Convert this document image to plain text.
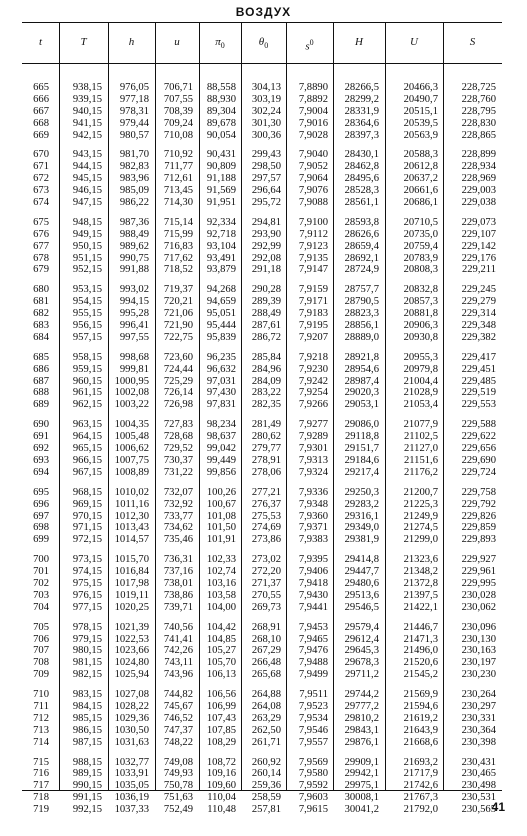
ВОЗДУХ
t	T	h	u	$\pi_0$	$\theta_0$	$s^0$	H	U	S
665	938,15	976,05	706,71	88,558	304,13	7,8890	28266,5	20466,3	228,725
666	939,15	977,18	707,55	88,930	303,19	7,8892	28299,2	20490,7	228,760
667	940,15	978,31	708,39	89,304	302,24	7,9004	28331,9	20515,1	228,795
668	941,15	979,44	709,24	89,678	301,30	7,9016	28364,6	20539,5	228,830
669	942,15	980,57	710,08	90,054	300,36	7,9028	28397,3	20563,9	228,865
670	943,15	981,70	710,92	90,431	299,43	7,9040	28430,1	20588,3	228,899
671	944,15	982,83	711,77	90,809	298,50	7,9052	28462,8	20612,8	228,934
672	945,15	983,96	712,61	91,188	297,57	7,9064	28495,6	20637,2	228,969
673	946,15	985,09	713,45	91,569	296,64	7,9076	28528,3	20661,6	229,003
674	947,15	986,22	714,30	91,951	295,72	7,9088	28561,1	20686,1	229,038
675	948,15	987,36	715,14	92,334	294,81	7,9100	28593,8	20710,5	229,073
676	949,15	988,49	715,99	92,718	293,90	7,9112	28626,6	20735,0	229,107
677	950,15	989,62	716,83	93,104	292,99	7,9123	28659,4	20759,4	229,142
678	951,15	990,75	717,62	93,491	292,08	7,9135	28692,1	20783,9	229,176
679	952,15	991,88	718,52	93,879	291,18	7,9147	28724,9	20808,3	229,211
680	953,15	993,02	719,37	94,268	290,28	7,9159	28757,7	20832,8	229,245
681	954,15	994,15	720,21	94,659	289,39	7,9171	28790,5	20857,3	229,279
682	955,15	995,28	721,06	95,051	288,49	7,9183	28823,3	20881,8	229,314
683	956,15	996,41	721,90	95,444	287,61	7,9195	28856,1	20906,3	229,348
684	957,15	997,55	722,75	95,839	286,72	7,9207	28889,0	20930,8	229,382
685	958,15	998,68	723,60	96,235	285,84	7,9218	28921,8	20955,3	229,417
686	959,15	999,81	724,44	96,632	284,96	7,9230	28954,6	20979,8	229,451
687	960,15	1000,95	725,29	97,031	284,09	7,9242	28987,4	21004,4	229,485
688	961,15	1002,08	726,14	97,430	283,22	7,9254	29020,3	21028,9	229,519
689	962,15	1003,22	726,98	97,831	282,35	7,9266	29053,1	21053,4	229,553
690	963,15	1004,35	727,83	98,234	281,49	7,9277	29086,0	21077,9	229,588
691	964,15	1005,48	728,68	98,637	280,62	7,9289	29118,8	21102,5	229,622
692	965,15	1006,62	729,52	99,042	279,77	7,9301	29151,7	21127,0	229,656
693	966,15	1007,75	730,37	99,449	278,91	7,9313	29184,6	21151,6	229,690
694	967,15	1008,89	731,22	99,856	278,06	7,9324	29217,4	21176,2	229,724
695	968,15	1010,02	732,07	100,26	277,21	7,9336	29250,3	21200,7	229,758
696	969,15	1011,16	732,92	100,67	276,37	7,9348	29283,2	21225,3	229,792
697	970,15	1012,30	733,77	101,08	275,53	7,9360	29316,1	21249,9	229,826
698	971,15	1013,43	734,62	101,50	274,69	7,9371	29349,0	21274,5	229,859
699	972,15	1014,57	735,46	101,91	273,86	7,9383	29381,9	21299,0	229,893
700	973,15	1015,70	736,31	102,33	273,02	7,9395	29414,8	21323,6	229,927
701	974,15	1016,84	737,16	102,74	272,20	7,9406	29447,7	21348,2	229,961
702	975,15	1017,98	738,01	103,16	271,37	7,9418	29480,6	21372,8	229,995
703	976,15	1019,11	738,86	103,58	270,55	7,9430	29513,6	21397,5	230,028
704	977,15	1020,25	739,71	104,00	269,73	7,9441	29546,5	21422,1	230,062
705	978,15	1021,39	740,56	104,42	268,91	7,9453	29579,4	21446,7	230,096
706	979,15	1022,53	741,41	104,85	268,10	7,9465	29612,4	21471,3	230,130
707	980,15	1023,66	742,26	105,27	267,29	7,9476	29645,3	21496,0	230,163
708	981,15	1024,80	743,11	105,70	266,48	7,9488	29678,3	21520,6	230,197
709	982,15	1025,94	743,96	106,13	265,68	7,9499	29711,2	21545,2	230,230
710	983,15	1027,08	744,82	106,56	264,88	7,9511	29744,2	21569,9	230,264
711	984,15	1028,22	745,67	106,99	264,08	7,9523	29777,2	21594,6	230,297
712	985,15	1029,36	746,52	107,43	263,29	7,9534	29810,2	21619,2	230,331
713	986,15	1030,50	747,37	107,85	262,50	7,9546	29843,1	21643,9	230,364
714	987,15	1031,63	748,22	108,29	261,71	7,9557	29876,1	21668,6	230,398
715	988,15	1032,77	749,08	108,72	260,92	7,9569	29909,1	21693,2	230,431
716	989,15	1033,91	749,93	109,16	260,14	7,9580	29942,1	21717,9	230,465
717	990,15	1035,05	750,78	109,60	259,36	7,9592	29975,1	21742,6	230,498
718	991,15	1036,19	751,63	110,04	258,59	7,9603	30008,1	21767,3	230,531
719	992,15	1037,33	752,49	110,48	257,81	7,9615	30041,2	21792,0	230,565
41
